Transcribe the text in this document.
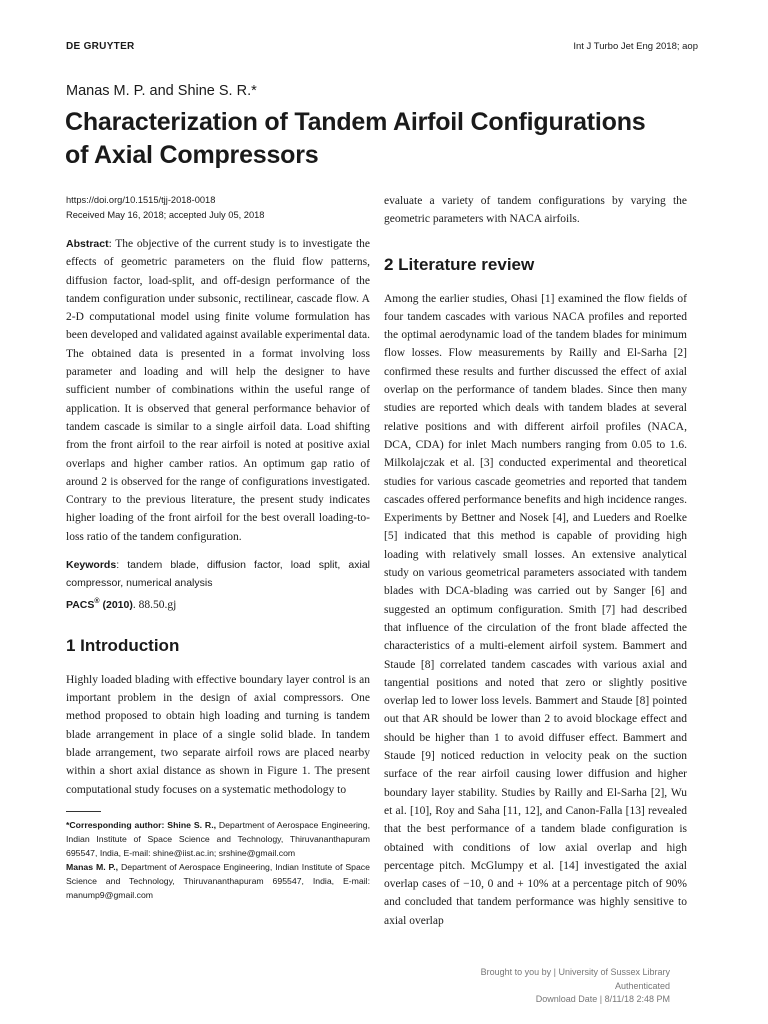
DE GRUYTER	Int J Turbo Jet Eng 2018; aop
Manas M. P. and Shine S. R.*
Characterization of Tandem Airfoil Configurations
of Axial Compressors
https://doi.org/10.1515/tjj-2018-0018
Received May 16, 2018; accepted July 05, 2018

Abstract: The objective of the current study is to investigate the effects of geometric parameters on the fluid flow patterns, diffusion factor, load-split, and off-design performance of the tandem configuration under subsonic, rectilinear, cascade flow. A 2-D computational model using finite volume formulation has been developed and validated against available experimental data. The obtained data is presented in a format involving loss parameter and loading and will help the designer to have sufficient number of combinations within the useful range of application. It is observed that general performance behavior of tandem cascade is similar to a single airfoil data. Load shifting from the front airfoil to the rear airfoil is noted at positive axial overlaps and higher camber ratios. An optimum gap ratio of around 2 is observed for the range of configurations investigated. Contrary to the previous literature, the present study indicates higher loading of the front airfoil for the best overall loading-to-loss ratio of the tandem configuration.

Keywords: tandem blade, diffusion factor, load split, axial compressor, numerical analysis

PACS® (2010). 88.50.gj

1 Introduction

Highly loaded blading with effective boundary layer control is an important problem in the design of axial compressors. One method proposed to obtain high loading and turning is tandem blade arrangement in place of a single solid blade. In tandem blade arrangement, two separate airfoil rows are placed nearby within a short axial distance as shown in Figure 1. The present computational study focuses on a systematic methodology to

*Corresponding author: Shine S. R., Department of Aerospace Engineering, Indian Institute of Space Science and Technology, Thiruvananthapuram 695547, India, E-mail: shine@iist.ac.in; srshine@gmail.com

Manas M. P., Department of Aerospace Engineering, Indian Institute of Space Science and Technology, Thiruvananthapuram 695547, India, E-mail: manump9@gmail.com

evaluate a variety of tandem configurations by varying the geometric parameters with NACA airfoils.

2 Literature review

Among the earlier studies, Ohasi [1] examined the flow fields of four tandem cascades with various NACA profiles and reported the optimal aerodynamic load of the tandem blades for minimum flow losses. Flow measurements by Railly and El-Sarha [2] confirmed these results and further discussed the effect of axial overlap on the performance of tandem blades. Since then many studies are reported which deals with tandem blades at several relative positions and with different airfoil profiles (NACA, DCA, CDA) for inlet Mach numbers ranging from 0.05 to 1.6. Milkolajczak et al. [3] conducted experimental and theoretical studies for various cascade geometries and reported that tandem cascades offered performance benefits and high incidence ranges. Experiments by Bettner and Nosek [4], and Lueders and Roelke [5] indicated that this method is capable of providing high loading with relatively small losses. An extensive analytical study on various geometrical parameters associated with tandem blades with DCA-blading was carried out by Sanger [6] and suggested an optimum configuration. Smith [7] had described that influence of the circulation of the front blade affected the characteristics of a multi-element airfoil system. Bammert and Staude [8] correlated tandem cascades with various axial and tangential positions and noted that zero or slightly positive overlap led to lower loss levels. Bammert and Staude [8] pointed out that AR should be lower than 2 to avoid blockage effect and should be higher than 1 to avoid diffuser effect. Bammert and Staude [9] noticed reduction in velocity peak on the suction surface of the rear airfoil causing lower diffusion and higher boundary layer stability. Studies by Railly and El-Sarha [2], Wu et al. [10], Roy and Saha [11, 12], and Canon-Falla [13] revealed that the best performance of a tandem blade configuration is obtained with conditions of low axial overlap and high percentage pitch. McGlumpy et al. [14] investigated the axial overlap cases of −10, 0 and + 10% at a percentage pitch of 90% and concluded that tandem performance was highly sensitive to axial overlap

Brought to you by | University of Sussex Library
Authenticated
Download Date | 8/11/18 2:48 PM
